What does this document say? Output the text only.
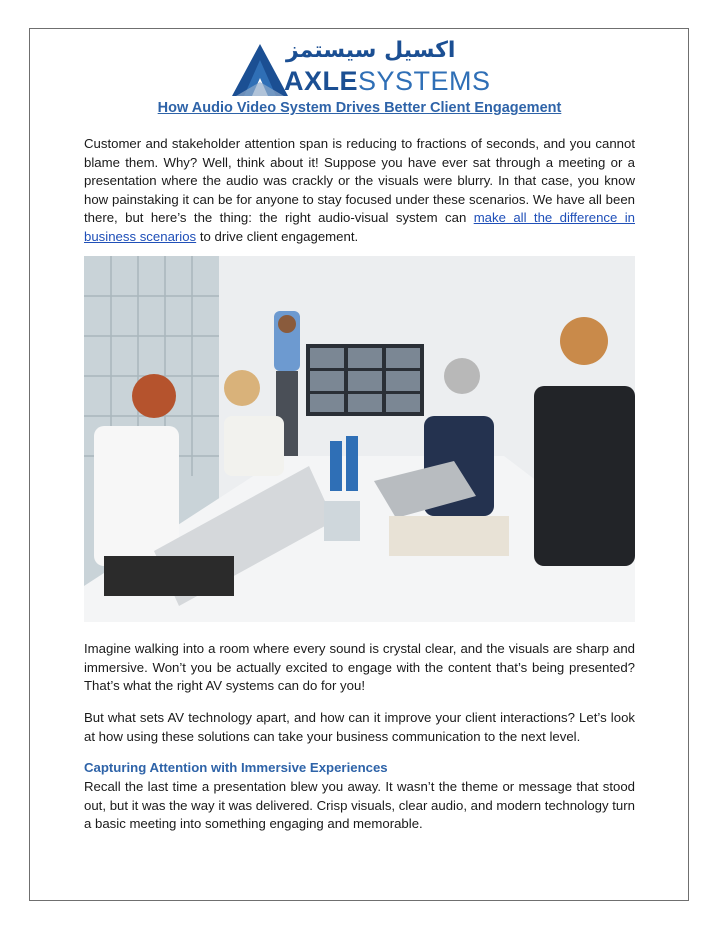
اكسيل سيستمز
AXLESYSTEMS
How Audio Video System Drives Better Client Engagement

Customer and stakeholder attention span is reducing to fractions of seconds, and you cannot blame them. Why? Well, think about it! Suppose you have ever sat through a meeting or a presentation where the audio was crackly or the visuals were blurry. In that case, you know how painstaking it can be for anyone to stay focused under these scenarios. We have all been there, but here’s the thing: the right audio-visual system can make all the difference in business scenarios to drive client engagement.

Imagine walking into a room where every sound is crystal clear, and the visuals are sharp and immersive. Won’t you be actually excited to engage with the content that’s being presented? That’s what the right AV systems can do for you!

But what sets AV technology apart, and how can it improve your client interactions? Let’s look at how using these solutions can take your business communication to the next level.

Capturing Attention with Immersive Experiences

Recall the last time a presentation blew you away. It wasn’t the theme or message that stood out, but it was the way it was delivered. Crisp visuals, clear audio, and modern technology turn a basic meeting into something engaging and memorable.
